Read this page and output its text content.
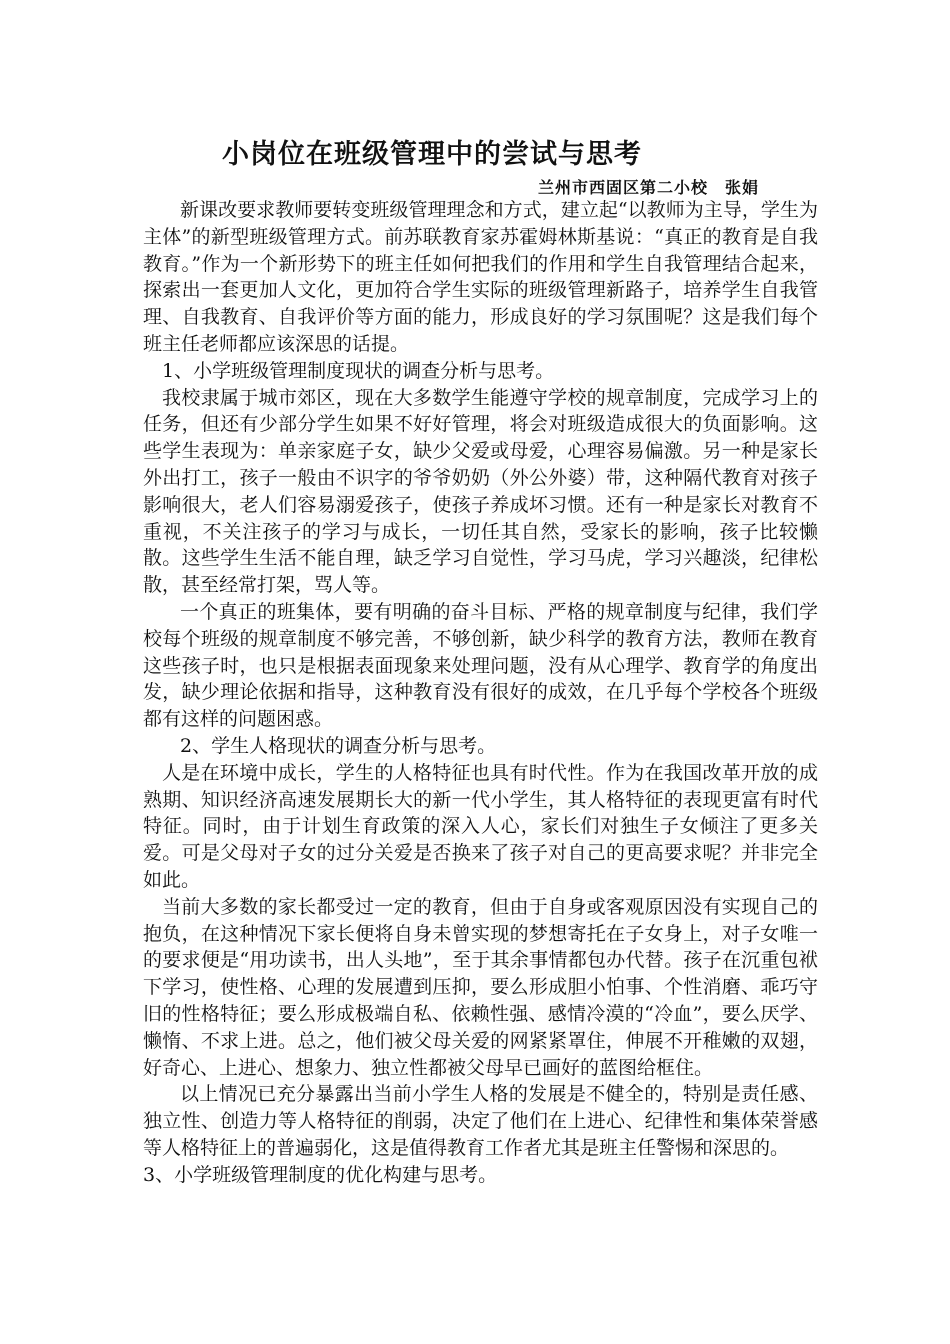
小岗位在班级管理中的尝试与思考
兰州市西固区第二小校　张娟

新课改要求教师要转变班级管理理念和方式，建立起“以教师为主导，学生为主体”的新型班级管理方式。前苏联教育家苏霍姆林斯基说：“真正的教育是自我教育。”作为一个新形势下的班主任如何把我们的作用和学生自我管理结合起来，探索出一套更加人文化，更加符合学生实际的班级管理新路子，培养学生自我管理、自我教育、自我评价等方面的能力，形成良好的学习氛围呢？这是我们每个班主任老师都应该深思的话提。

1、小学班级管理制度现状的调查分析与思考。

我校隶属于城市郊区，现在大多数学生能遵守学校的规章制度，完成学习上的任务，但还有少部分学生如果不好好管理，将会对班级造成很大的负面影响。这些学生表现为：单亲家庭子女，缺少父爱或母爱，心理容易偏激。另一种是家长外出打工，孩子一般由不识字的爷爷奶奶（外公外婆）带，这种隔代教育对孩子影响很大，老人们容易溺爱孩子，使孩子养成坏习惯。还有一种是家长对教育不重视，不关注孩子的学习与成长，一切任其自然，受家长的影响，孩子比较懒散。这些学生生活不能自理，缺乏学习自觉性，学习马虎，学习兴趣淡，纪律松散，甚至经常打架，骂人等。

一个真正的班集体，要有明确的奋斗目标、严格的规章制度与纪律，我们学校每个班级的规章制度不够完善，不够创新，缺少科学的教育方法，教师在教育这些孩子时，也只是根据表面现象来处理问题，没有从心理学、教育学的角度出发，缺少理论依据和指导，这种教育没有很好的成效，在几乎每个学校各个班级都有这样的问题困惑。

2、学生人格现状的调查分析与思考。

人是在环境中成长，学生的人格特征也具有时代性。作为在我国改革开放的成熟期、知识经济高速发展期长大的新一代小学生，其人格特征的表现更富有时代特征。同时，由于计划生育政策的深入人心，家长们对独生子女倾注了更多关爱。可是父母对子女的过分关爱是否换来了孩子对自己的更高要求呢？并非完全如此。

当前大多数的家长都受过一定的教育，但由于自身或客观原因没有实现自己的抱负，在这种情况下家长便将自身未曾实现的梦想寄托在子女身上，对子女唯一的要求便是“用功读书，出人头地”，至于其余事情都包办代替。孩子在沉重包袱下学习，使性格、心理的发展遭到压抑，要么形成胆小怕事、个性消磨、乖巧守旧的性格特征；要么形成极端自私、依赖性强、感情冷漠的“冷血”，要么厌学、懒惰、不求上进。总之，他们被父母关爱的网紧紧罩住，伸展不开稚嫩的双翅，好奇心、上进心、想象力、独立性都被父母早已画好的蓝图给框住。

以上情况已充分暴露出当前小学生人格的发展是不健全的，特别是责任感、独立性、创造力等人格特征的削弱，决定了他们在上进心、纪律性和集体荣誉感等人格特征上的普遍弱化，这是值得教育工作者尤其是班主任警惕和深思的。

3、小学班级管理制度的优化构建与思考。
